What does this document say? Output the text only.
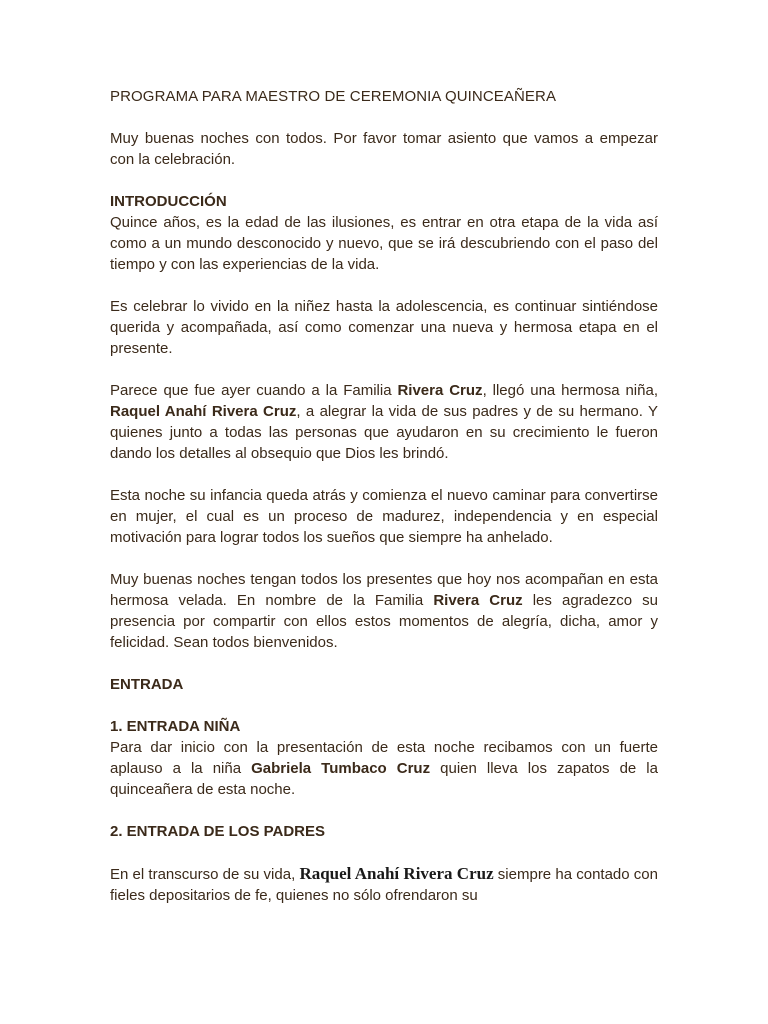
PROGRAMA PARA MAESTRO DE CEREMONIA QUINCEAÑERA

Muy buenas noches con todos. Por favor tomar asiento que vamos a empezar con la celebración.

INTRODUCCIÓN

Quince años, es la edad de las ilusiones, es entrar en otra etapa de la vida así como a un mundo desconocido y nuevo, que se irá descubriendo con el paso del tiempo y con las experiencias de la vida.

Es celebrar lo vivido en la niñez hasta la adolescencia, es continuar sintiéndose querida y acompañada, así como comenzar una nueva y hermosa etapa en el presente.

Parece que fue ayer cuando a la Familia Rivera Cruz, llegó una hermosa niña, Raquel Anahí Rivera Cruz, a alegrar la vida de sus padres y de su hermano. Y quienes junto a todas las personas que ayudaron en su crecimiento le fueron dando los detalles al obsequio que Dios les brindó.

Esta noche su infancia queda atrás y comienza el nuevo caminar para convertirse en mujer, el cual es un proceso de madurez, independencia y en especial motivación para lograr todos los sueños que siempre ha anhelado.

Muy buenas noches tengan todos los presentes que hoy nos acompañan en esta hermosa velada. En nombre de la Familia Rivera Cruz les agradezco su presencia por compartir con ellos estos momentos de alegría, dicha, amor y felicidad. Sean todos bienvenidos.

ENTRADA
1. ENTRADA NIÑA

Para dar inicio con la presentación de esta noche recibamos con un fuerte aplauso a la niña Gabriela Tumbaco Cruz quien lleva los zapatos de la quinceañera de esta noche.

2. ENTRADA DE LOS PADRES

En el transcurso de su vida, Raquel Anahí Rivera Cruz siempre ha contado con fieles depositarios de fe, quienes no sólo ofrendaron su
